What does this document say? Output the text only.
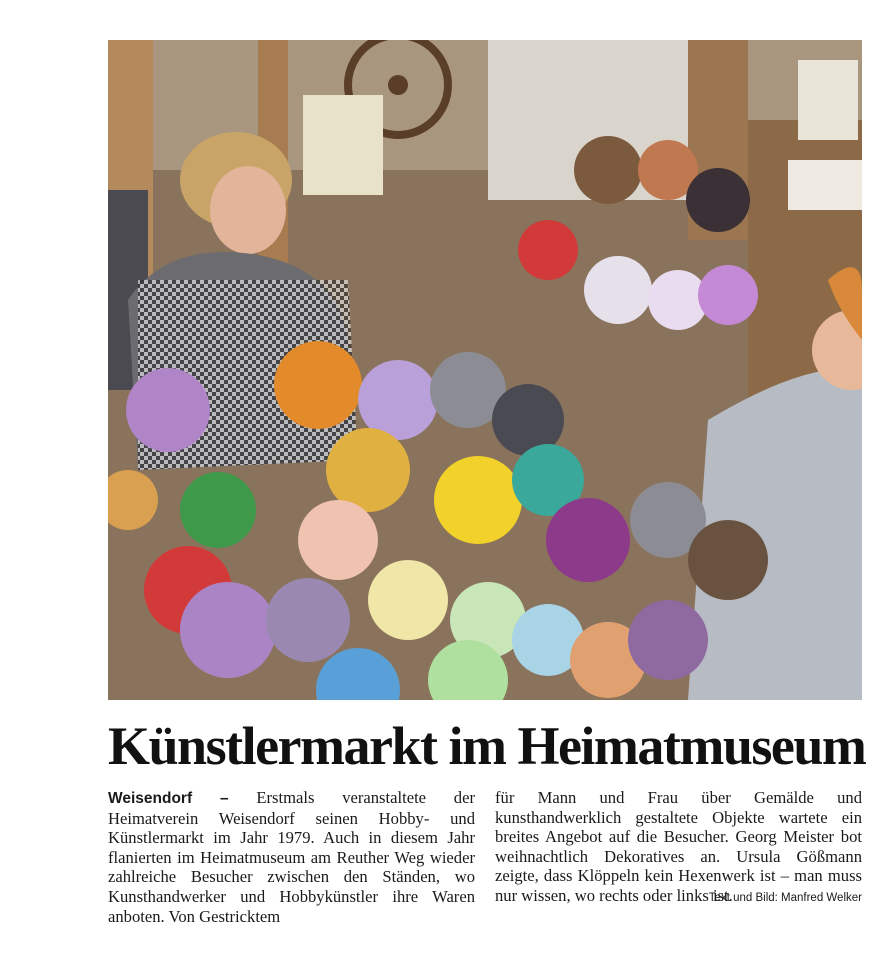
Künstlermarkt im Heimatmuseum

Weisendorf – Erstmals veranstaltete der Heimatverein Weisendorf seinen Hobby- und Künstlermarkt im Jahr 1979. Auch in diesem Jahr flanierten im Heimatmuseum am Reuther Weg wieder zahlreiche Besucher zwischen den Ständen, wo Kunsthandwerker und Hobbykünstler ihre Waren anboten. Von Gestricktem

für Mann und Frau über Gemälde und kunsthandwerklich gestaltete Objekte wartete ein breites Angebot auf die Besucher. Georg Meister bot weihnachtlich Dekoratives an. Ursula Gößmann zeigte, dass Klöppeln kein Hexenwerk ist – man muss nur wissen, wo rechts oder links ist.

Text und Bild: Manfred Welker
